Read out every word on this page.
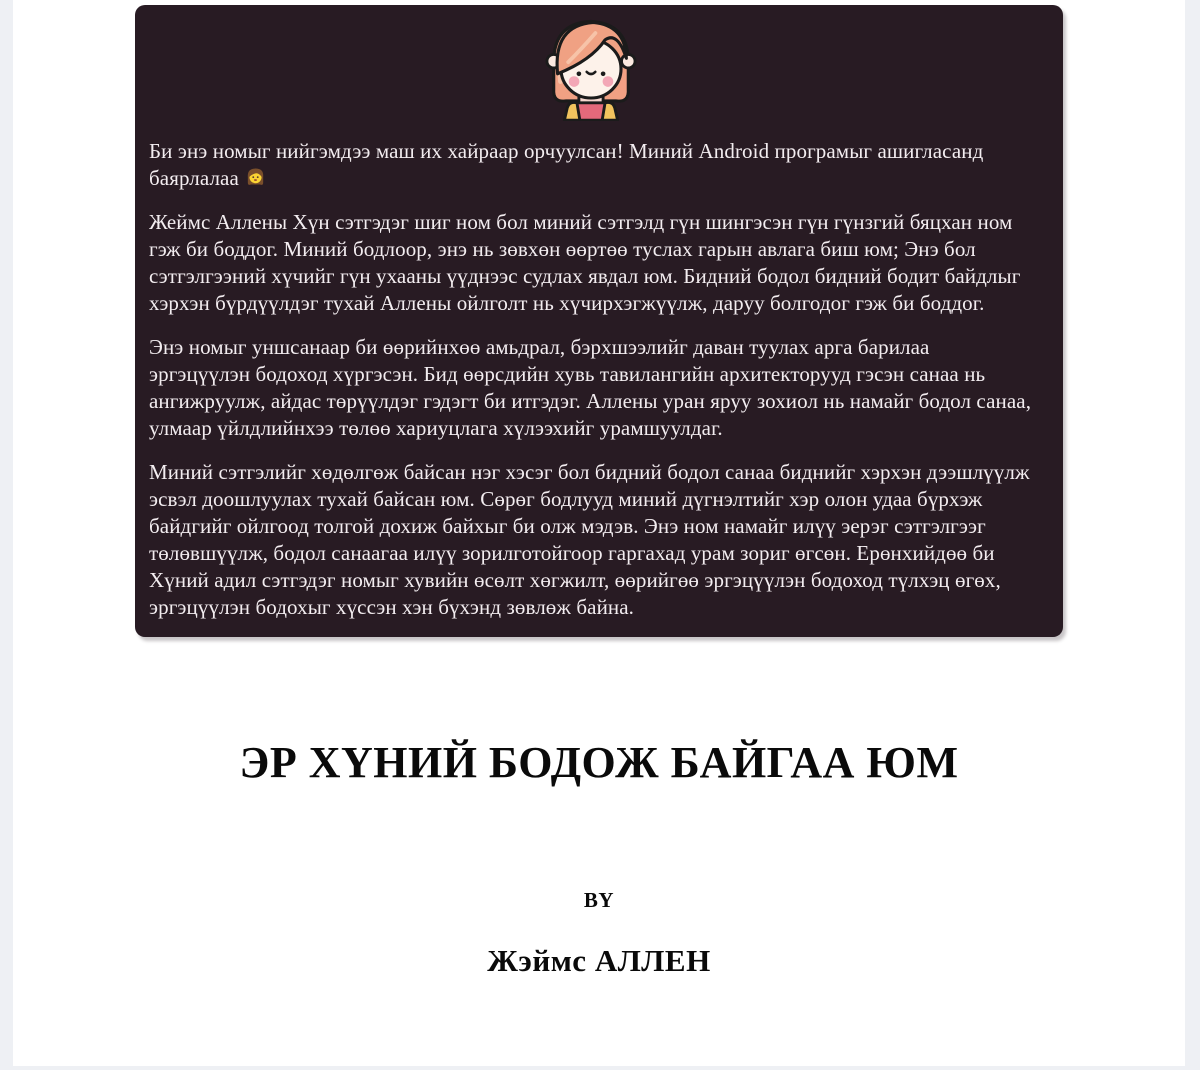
Би энэ номыг нийгэмдээ маш их хайраар орчуулсан! Миний Android програмыг ашигласанд баярлалаа

Жеймс Аллены Хүн сэтгэдэг шиг ном бол миний сэтгэлд гүн шингэсэн гүн гүнзгий бяцхан ном гэж би боддог. Миний бодлоор, энэ нь зөвхөн өөртөө туслах гарын авлага биш юм; Энэ бол сэтгэлгээний хүчийг гүн ухааны үүднээс судлах явдал юм. Бидний бодол бидний бодит байдлыг хэрхэн бүрдүүлдэг тухай Аллены ойлголт нь хүчирхэгжүүлж, даруу болгодог гэж би боддог.

Энэ номыг уншсанаар би өөрийнхөө амьдрал, бэрхшээлийг даван туулах арга барилаа эргэцүүлэн бодоход хүргэсэн. Бид өөрсдийн хувь тавилангийн архитекторууд гэсэн санаа нь ангижруулж, айдас төрүүлдэг гэдэгт би итгэдэг. Аллены уран яруу зохиол нь намайг бодол санаа, улмаар үйлдлийнхээ төлөө хариуцлага хүлээхийг урамшуулдаг.

Миний сэтгэлийг хөдөлгөж байсан нэг хэсэг бол бидний бодол санаа биднийг хэрхэн дээшлүүлж эсвэл доошлуулах тухай байсан юм. Сөрөг бодлууд миний дүгнэлтийг хэр олон удаа бүрхэж байдгийг ойлгоод толгой дохиж байхыг би олж мэдэв. Энэ ном намайг илүү эерэг сэтгэлгээг төлөвшүүлж, бодол санаагаа илүү зорилготойгоор гаргахад урам зориг өгсөн. Ерөнхийдөө би Хүний адил сэтгэдэг номыг хувийн өсөлт хөгжилт, өөрийгөө эргэцүүлэн бодоход түлхэц өгөх, эргэцүүлэн бодохыг хүссэн хэн бүхэнд зөвлөж байна.

ЭР ХҮНИЙ БОДОЖ БАЙГАА ЮМ
BY
Жэймс АЛЛЕН
